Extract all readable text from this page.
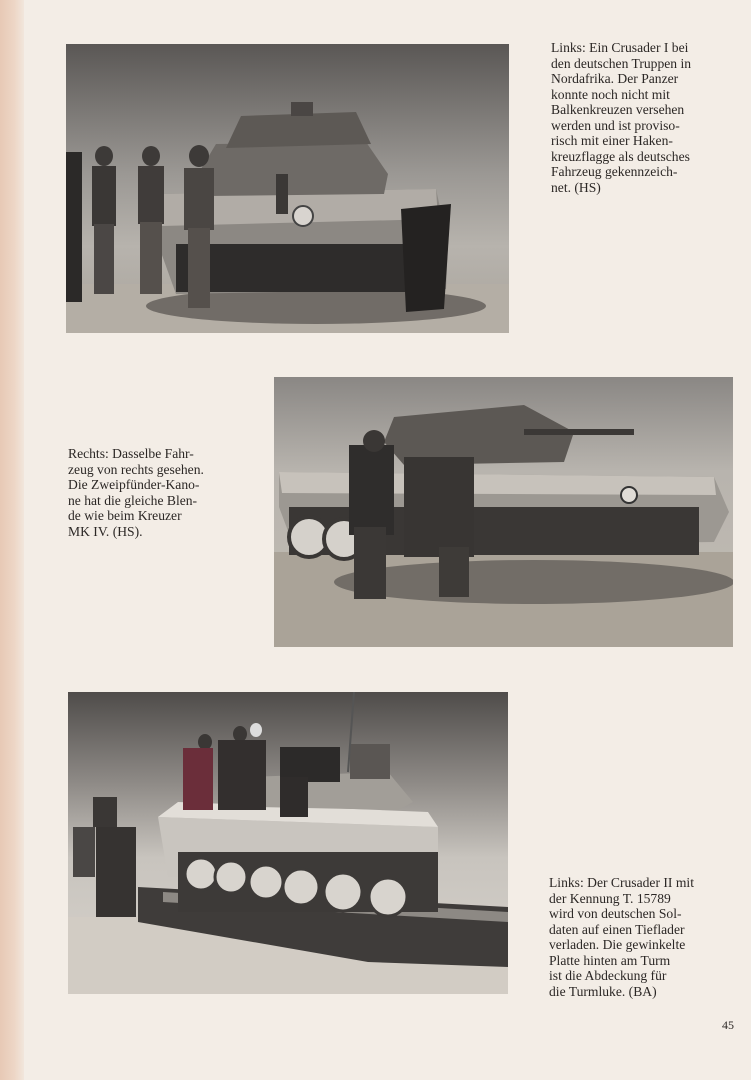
Links: Ein Crusader I bei

den deutschen Truppen in

Nordafrika. Der Panzer

konnte noch nicht mit

Balkenkreuzen versehen

werden und ist proviso-

risch mit einer Haken-

kreuzflagge als deutsches

Fahrzeug gekennzeich-

net. (HS)

Rechts: Dasselbe Fahr-

zeug von rechts gesehen.

Die Zweipfünder-Kano-

ne hat die gleiche Blen-

de wie beim Kreuzer

MK IV. (HS).

Links: Der Crusader II mit

der Kennung T. 15789

wird von deutschen Sol-

daten auf einen Tieflader

verladen. Die gewinkelte

Platte hinten am Turm

ist die Abdeckung für

die Turmluke. (BA)

45
